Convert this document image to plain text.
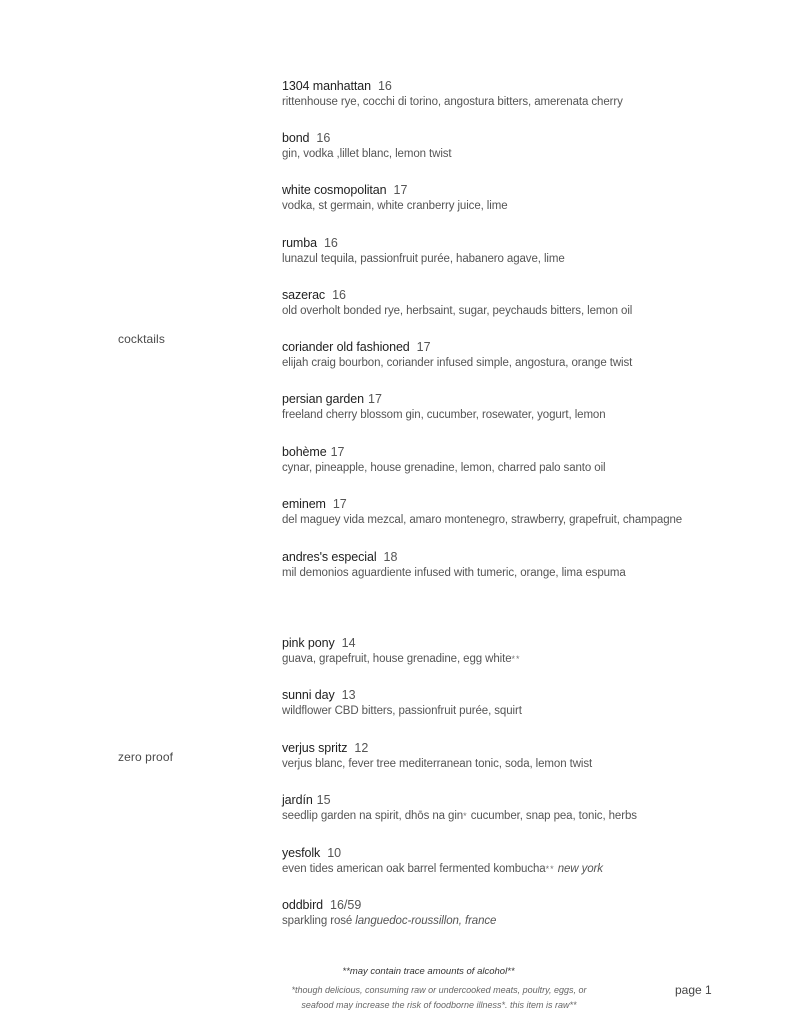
cocktails
zero proof
1304 manhattan 16
rittenhouse rye, cocchi di torino, angostura bitters, amerenata cherry
bond 16
gin, vodka ,lillet blanc, lemon twist
white cosmopolitan 17
vodka, st germain, white cranberry juice, lime
rumba 16
lunazul tequila, passionfruit purée, habanero agave, lime
sazerac 16
old overholt bonded rye, herbsaint, sugar, peychauds bitters, lemon oil
coriander old fashioned 17
elijah craig bourbon, coriander infused simple, angostura, orange twist
persian garden 17
freeland cherry blossom gin, cucumber, rosewater, yogurt, lemon
bohème 17
cynar, pineapple, house grenadine, lemon, charred palo santo oil
eminem 17
del maguey vida mezcal, amaro montenegro, strawberry, grapefruit, champagne
andres's especial 18
mil demonios aguardiente infused with tumeric, orange, lima espuma
pink pony 14
guava, grapefruit, house grenadine, egg white**
sunni day 13
wildflower CBD bitters, passionfruit purée, squirt
verjus spritz 12
verjus blanc, fever tree mediterranean tonic, soda, lemon twist
jardín 15
seedlip garden na spirit, dhōs na gin* cucumber, snap pea, tonic, herbs
yesfolk 10
even tides american oak barrel fermented kombucha** new york
oddbird 16/59
sparkling rosé languedoc-roussillon, france
**may contain trace amounts of alcohol**
*though delicious, consuming raw or undercooked meats, poultry, eggs, or seafood may increase the risk of foodborne illness*. this item is raw**
page 1
